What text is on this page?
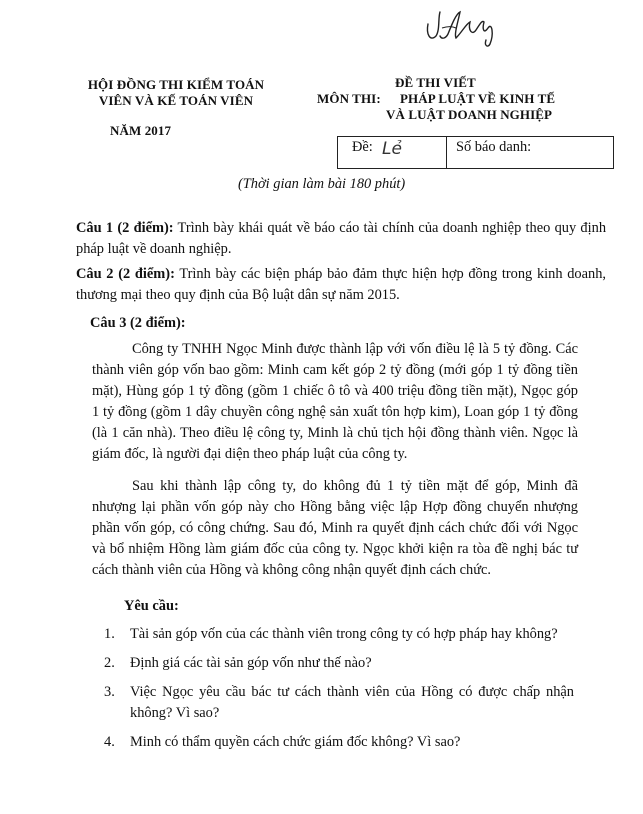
HỘI ĐỒNG THI KIỂM TOÁN
VIÊN VÀ KẾ TOÁN VIÊN
NĂM 2017
ĐỀ THI VIẾT
MÔN THI: PHÁP LUẬT VỀ KINH TẾ
VÀ LUẬT DOANH NGHIỆP
Đề: Lẻ	Số báo danh:
(Thời gian làm bài 180 phút)
Câu 1 (2 điểm): Trình bày khái quát về báo cáo tài chính của doanh nghiệp theo quy định pháp luật về doanh nghiệp.
Câu 2 (2 điểm): Trình bày các biện pháp bảo đảm thực hiện hợp đồng trong kinh doanh, thương mại theo quy định của Bộ luật dân sự năm 2015.
Câu 3 (2 điểm):

Công ty TNHH Ngọc Minh được thành lập với vốn điều lệ là 5 tỷ đồng. Các thành viên góp vốn bao gồm: Minh cam kết góp 2 tỷ đồng (mới góp 1 tỷ đồng tiền mặt), Hùng góp 1 tỷ đồng (gồm 1 chiếc ô tô và 400 triệu đồng tiền mặt), Ngọc góp 1 tỷ đồng (gồm 1 dây chuyền công nghệ sản xuất tôn hợp kim), Loan góp 1 tỷ đồng (là 1 căn nhà). Theo điều lệ công ty, Minh là chủ tịch hội đồng thành viên. Ngọc là giám đốc, là người đại diện theo pháp luật của công ty.

Sau khi thành lập công ty, do không đủ 1 tỷ tiền mặt để góp, Minh đã nhượng lại phần vốn góp này cho Hồng bằng việc lập Hợp đồng chuyển nhượng phần vốn góp, có công chứng. Sau đó, Minh ra quyết định cách chức đối với Ngọc và bổ nhiệm Hồng làm giám đốc của công ty. Ngọc khởi kiện ra tòa đề nghị bác tư cách thành viên của Hồng và không công nhận quyết định cách chức.

Yêu cầu:
1. Tài sản góp vốn của các thành viên trong công ty có hợp pháp hay không?
2. Định giá các tài sản góp vốn như thế nào?
3. Việc Ngọc yêu cầu bác tư cách thành viên của Hồng có được chấp nhận không? Vì sao?
4. Minh có thẩm quyền cách chức giám đốc không? Vì sao?
